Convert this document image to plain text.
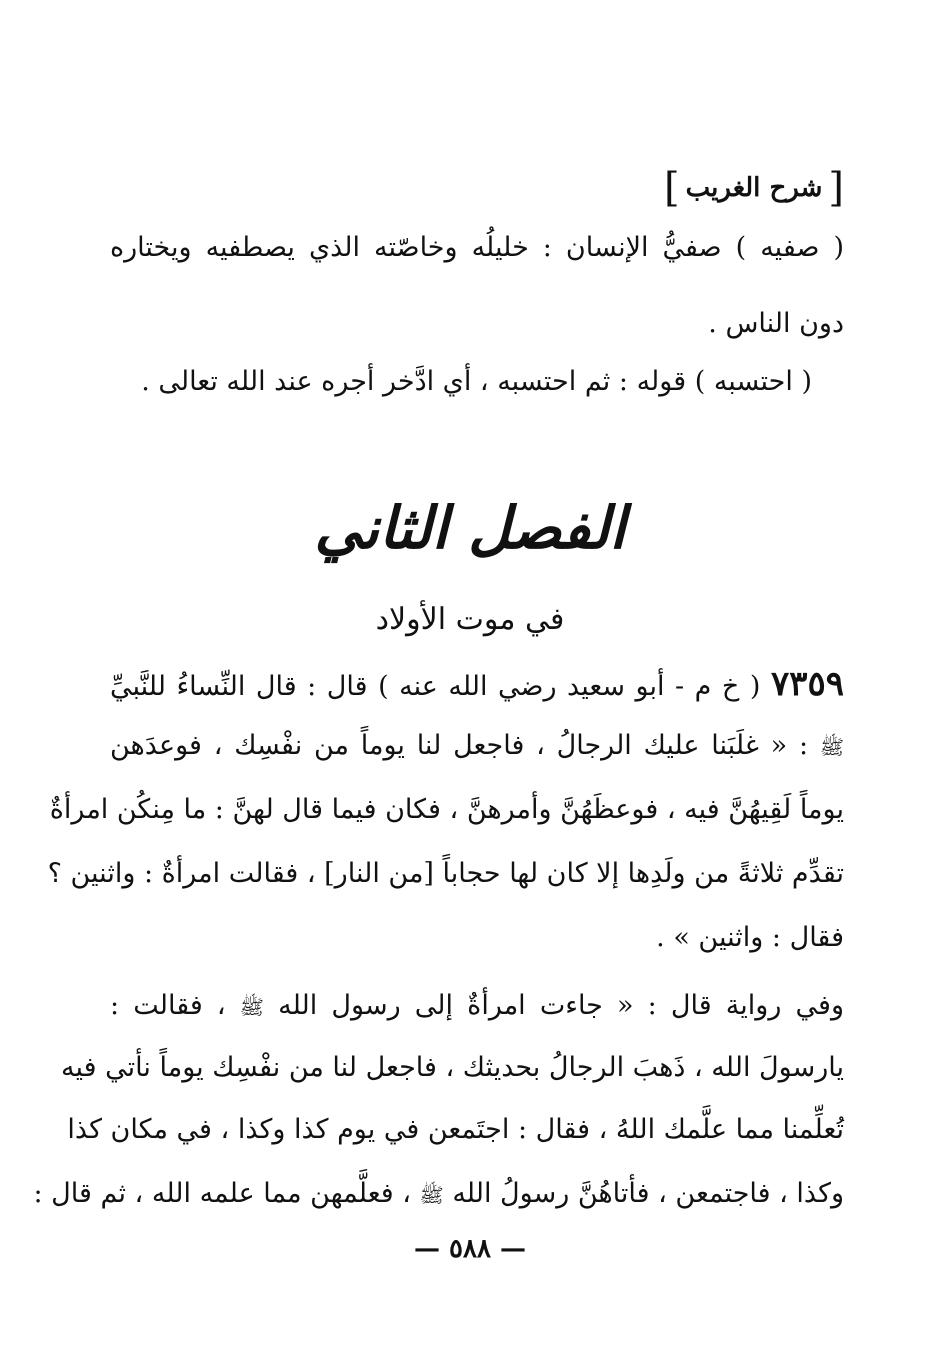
[
شرح الغريب
]
( صفيه ) صفيُّ الإنسان : خليلُه وخاصّته الذي يصطفيه ويختاره
دون الناس .
( احتسبه ) قوله : ثم احتسبه ، أي ادَّخر أجره عند الله تعالى .
الفصل الثاني
في موت الأولاد
٧٣٥٩ ( خ م - أبو سعيد رضي الله عنه ) قال : قال النِّساءُ للنَّبيِّ
ﷺ : « غلَبَنا عليك الرجالُ ، فاجعل لنا يوماً من نفْسِك ، فوعدَهن
يوماً لَقِيهُنَّ فيه ، فوعظَهُنَّ وأمرهنَّ ، فكان فيما قال لهنَّ : ما مِنكُن امرأةٌ
تقدِّم ثلاثةً من ولَدِها إلا كان لها حجاباً [من النار] ، فقالت امرأةٌ : واثنين ؟
فقال : واثنين » .
وفي رواية قال : « جاءت امرأةٌ إلى رسول الله ﷺ ، فقالت :
يارسولَ الله ، ذَهبَ الرجالُ بحديثك ، فاجعل لنا من نفْسِك يوماً نأتي فيه
تُعلِّمنا مما علَّمك اللهُ ، فقال : اجتَمعن في يوم كذا وكذا ، في مكان كذا
وكذا ، فاجتمعن ، فأتاهُنَّ رسولُ الله ﷺ ، فعلَّمهن مما علمه الله ، ثم قال :
— ٥٨٨ —
